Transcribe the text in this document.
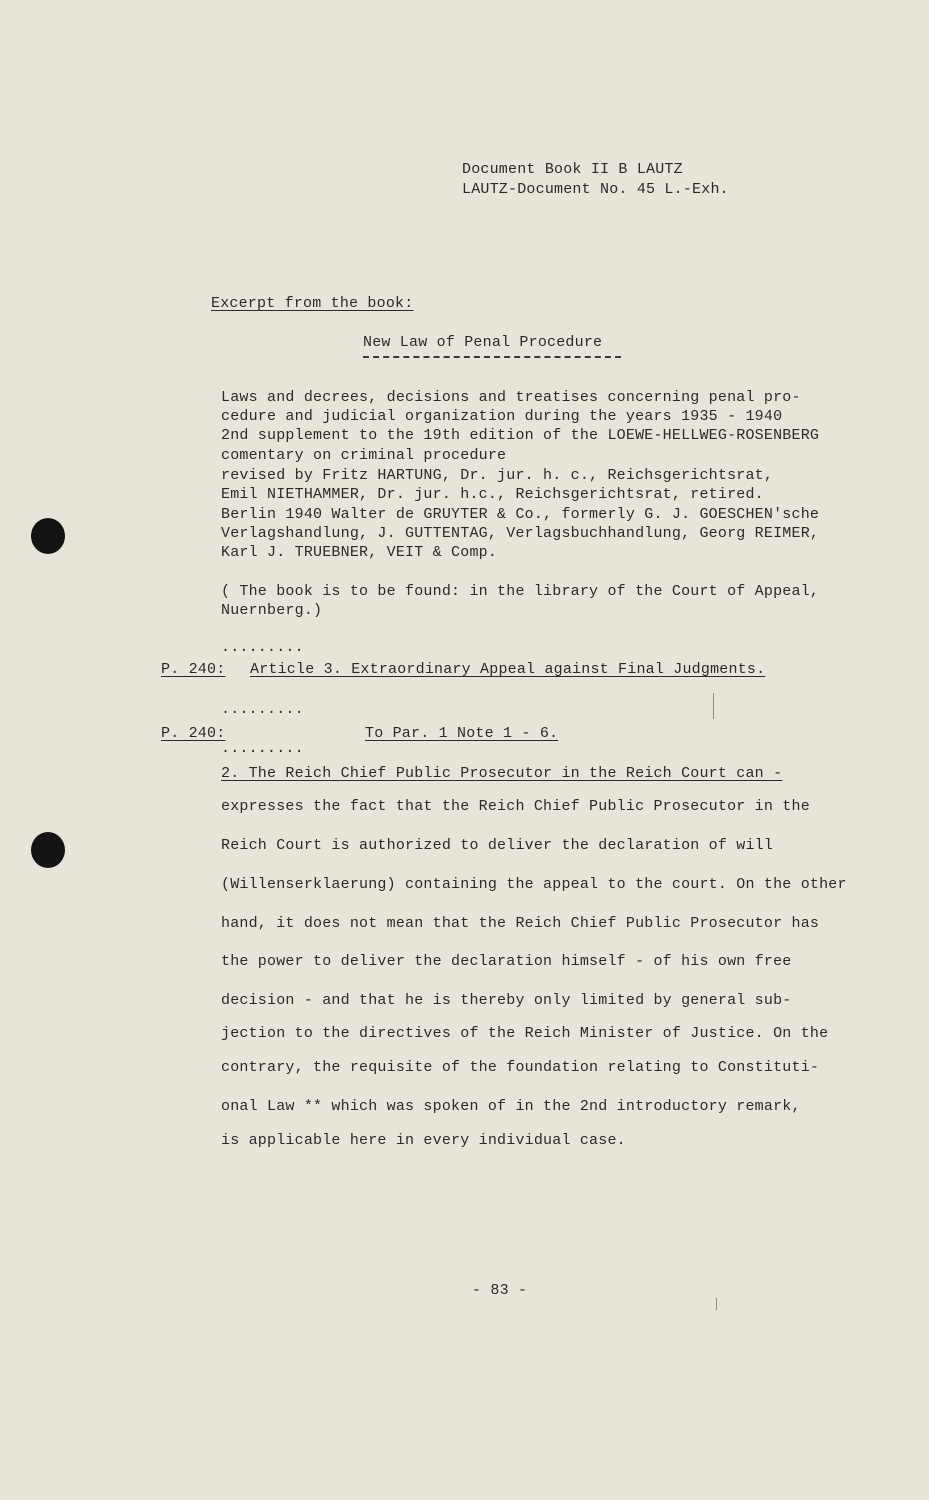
Document Book II B LAUTZ
LAUTZ-Document No. 45 L.-Exh.
Excerpt from the book:
New Law of Penal Procedure
Laws and decrees, decisions and treatises concerning penal pro-
cedure and judicial organization during the years 1935 - 1940
2nd supplement to the 19th edition of the LOEWE-HELLWEG-ROSENBERG
comentary on criminal procedure
revised by Fritz HARTUNG, Dr. jur. h. c., Reichsgerichtsrat,
Emil NIETHAMMER, Dr. jur. h.c., Reichsgerichtsrat, retired.
Berlin 1940 Walter de GRUYTER & Co., formerly G. J. GOESCHEN'sche
Verlagshandlung, J. GUTTENTAG, Verlagsbuchhandlung, Georg REIMER,
Karl J. TRUEBNER, VEIT & Comp.
( The book is to be found: in the library of the Court of Appeal,
Nuernberg.)
.........
P. 240: Article 3. Extraordinary Appeal against Final Judgments.
.........
P. 240:	To Par. 1 Note 1 - 6.
.........
2. The Reich Chief Public Prosecutor in the Reich Court can -
expresses the fact that the Reich Chief Public Prosecutor in the
Reich Court is authorized to deliver the declaration of will
(Willenserklaerung) containing the appeal to the court. On the other
hand, it does not mean that the Reich Chief Public Prosecutor has
the power to deliver the declaration himself - of his own free
decision - and that he is thereby only limited by general sub-
jection to the directives of the Reich Minister of Justice. On the
contrary, the requisite of the foundation relating to Constituti-
onal Law ** which was spoken of in the 2nd introductory remark,
is applicable here in every individual case.
- 83 -
